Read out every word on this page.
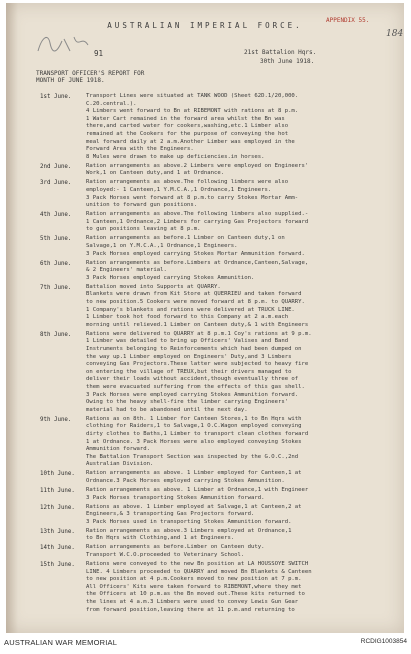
AUSTRALIAN IMPERIAL FORCE.
APPENDIX 55.
184
91	21st Battalion Hqrs.
30th June 1918.
TRANSPORT OFFICER'S REPORT FOR
MONTH OF JUNE 1918.
1st June.	Transport Lines were situated at TANK WOOD (Sheet 62D.1/20,000.
C.20.central.).
4 Limbers went forward to Bn at RIBEMONT with rations at 8 p.m.
1 Water Cart remained in the forward area whilst the Bn was
there,and carted water for cookers,washing,etc.1 Limber also
remained at the Cookers for the purpose of conveying the hot
meal forward daily at 2 a.m.Another Limber was employed in the
Forward Area with the Engineers.
8 Mules were drawn to make up deficiencies.in horses.
2nd June.	Ration arrangements as above.2 Limbers were employed on Engineers'
Work,1 on Canteen duty,and 1 at Ordnance.
3rd June.	Ration arrangements as above.The following limbers were also
employed:- 1 Canteen,1 Y.M.C.A.,1 Ordnance,1 Engineers.
3 Pack Horses went forward at 8 p.m.to carry Stokes Mortar Amm-
unition to forward gun positions.
4th June.	Ration arrangements as above.The following limbers also supplied.-
1 Canteen,1 Ordnance,2 Limbers for carrying Gas Projectors forward
to gun positions leaving at 8 p.m.
5th June.	Ration arrangements as before.1 Limber on Canteen duty,1 on
Salvage,1 on Y.M.C.A.,1 Ordnance,1 Engineers.
3 Pack Horses employed carrying Stokes Mortar Ammunition forward.
6th June.	Ration arrangements as before.Limbers at Ordnance,Canteen,Salvage,
& 2 Engineers' material.
3 Pack Horses employed carrying Stokes Ammunition.
7th June.	Battalion moved into Supports at QUARRY.
Blankets were drawn from Kit Store at QUERRIEU and taken forward
to new position.5 Cookers were moved forward at 8 p.m. to QUARRY.
1 Company's blankets and rations were delivered at TRUCK LINE.
1 Limber took hot food forward to this Company at 2 a.m.each
morning until relieved.1 Limber on Canteen duty,& 1 with Engineers
8th June.	Rations were delivered to QUARRY at 8 p.m.1 Coy's rations at 9 p.m.
1 Limber was detailed to bring up Officers' Valises and Band
Instruments belonging to Reinforcements which had been dumped on
the way up.1 Limber employed on Engineers' Duty,and 3 Limbers
conveying Gas Projectors.These latter were subjected to heavy fire
on entering the village of TREUX,but their drivers managed to
deliver their loads without accident,though eventually three of
them were evacuated suffering from the effects of this gas shell.
3 Pack Horses were employed carrying Stokes Ammunition forward.
Owing to the heavy shell-fire the limber carrying Engineers'
material had to be abandoned until the next day.
9th June.	Rations as on 8th. 1 Limber for Canteen Stores,1 to Bn Hqrs with
clothing for Raiders,1 to Salvage,1 O.C.Wagon employed conveying
dirty clothes to Baths,1 Limber to transport clean clothes forward
1 at Ordnance. 3 Pack Horses were also employed conveying Stokes
Ammunition forward.
The Battalion Transport Section was inspected by the G.O.C.,2nd
Australian Division.
10th June. Ration arrangements as above. 1 Limber employed for Canteen,1 at
Ordnance.3 Pack Horses employed carrying Stokes Ammunition.
11th June. Ration arrangements as above. 1 Limber at Ordnance,1 with Engineer
3 Pack Horses transporting Stokes Ammunition forward.
12th June. Rations as above. 1 Limber employed at Salvage,1 at Canteen,2 at
Engineers,& 3 transporting Gas Projectors forward.
3 Pack Horses used in transporting Stokes Ammunition forward.
13th June. Ration arrangements as above.3 Limbers employed at Ordnance,1
to Bn Hqrs with Clothing,and 1 at Engineers.
14th June. Ration arrangements as before.Limber on Canteen duty.
Transport W.C.O.proceeded to Veterinary School.
15th June. Rations were conveyed to the new Bn position at LA HOUSSOYE SWITCH
LINE. 4 Limbers proceeded to QUARRY and moved Bn Blankets & Canteen
to new position at 4 p.m.Cookers moved to new position at 7 p.m.
All Officers' Kits were taken forward to RIBEMONT,where they met
the Officers at 10 p.m.as the Bn moved out.These kits returned to
the lines at 4 a.m.3 Limbers were used to convey Lewis Gun Gear
from forward position,leaving there at 11 p.m.and returning to
AUSTRALIAN WAR MEMORIAL	RCDIG1003854
